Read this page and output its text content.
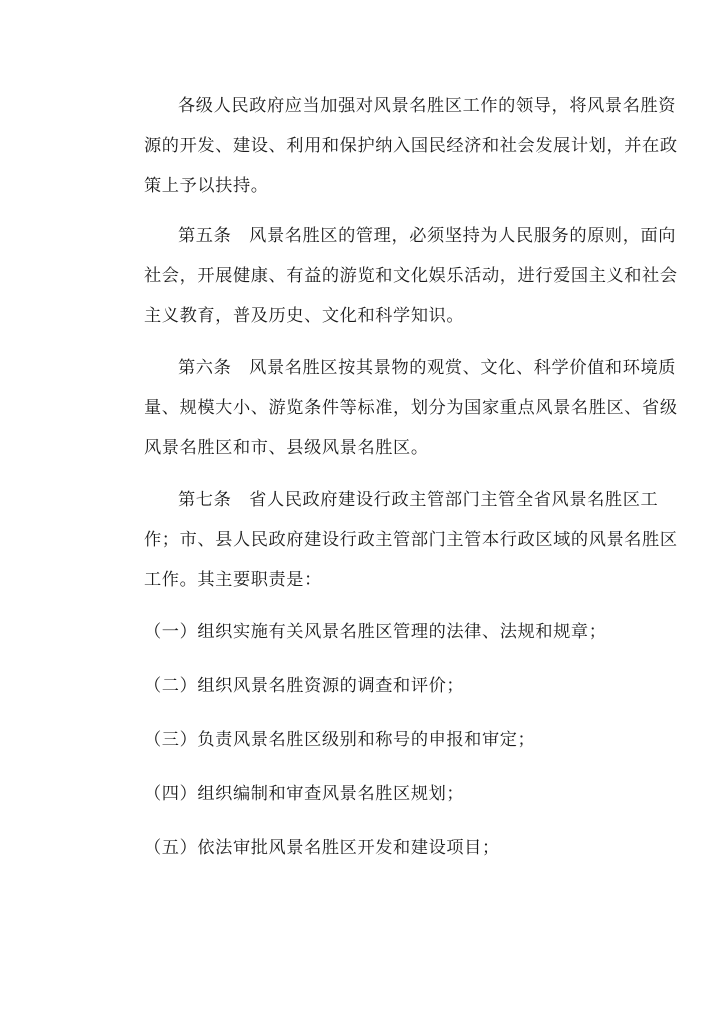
各级人民政府应当加强对风景名胜区工作的领导，将风景名胜资
源的开发、建设、利用和保护纳入国民经济和社会发展计划，并在政
策上予以扶持。
第五条　风景名胜区的管理，必须坚持为人民服务的原则，面向
社会，开展健康、有益的游览和文化娱乐活动，进行爱国主义和社会
主义教育，普及历史、文化和科学知识。
第六条　风景名胜区按其景物的观赏、文化、科学价值和环境质
量、规模大小、游览条件等标准，划分为国家重点风景名胜区、省级
风景名胜区和市、县级风景名胜区。
第七条　省人民政府建设行政主管部门主管全省风景名胜区工
作；市、县人民政府建设行政主管部门主管本行政区域的风景名胜区
工作。其主要职责是：
（一）组织实施有关风景名胜区管理的法律、法规和规章；
（二）组织风景名胜资源的调查和评价；
（三）负责风景名胜区级别和称号的申报和审定；
（四）组织编制和审查风景名胜区规划；
（五）依法审批风景名胜区开发和建设项目；
